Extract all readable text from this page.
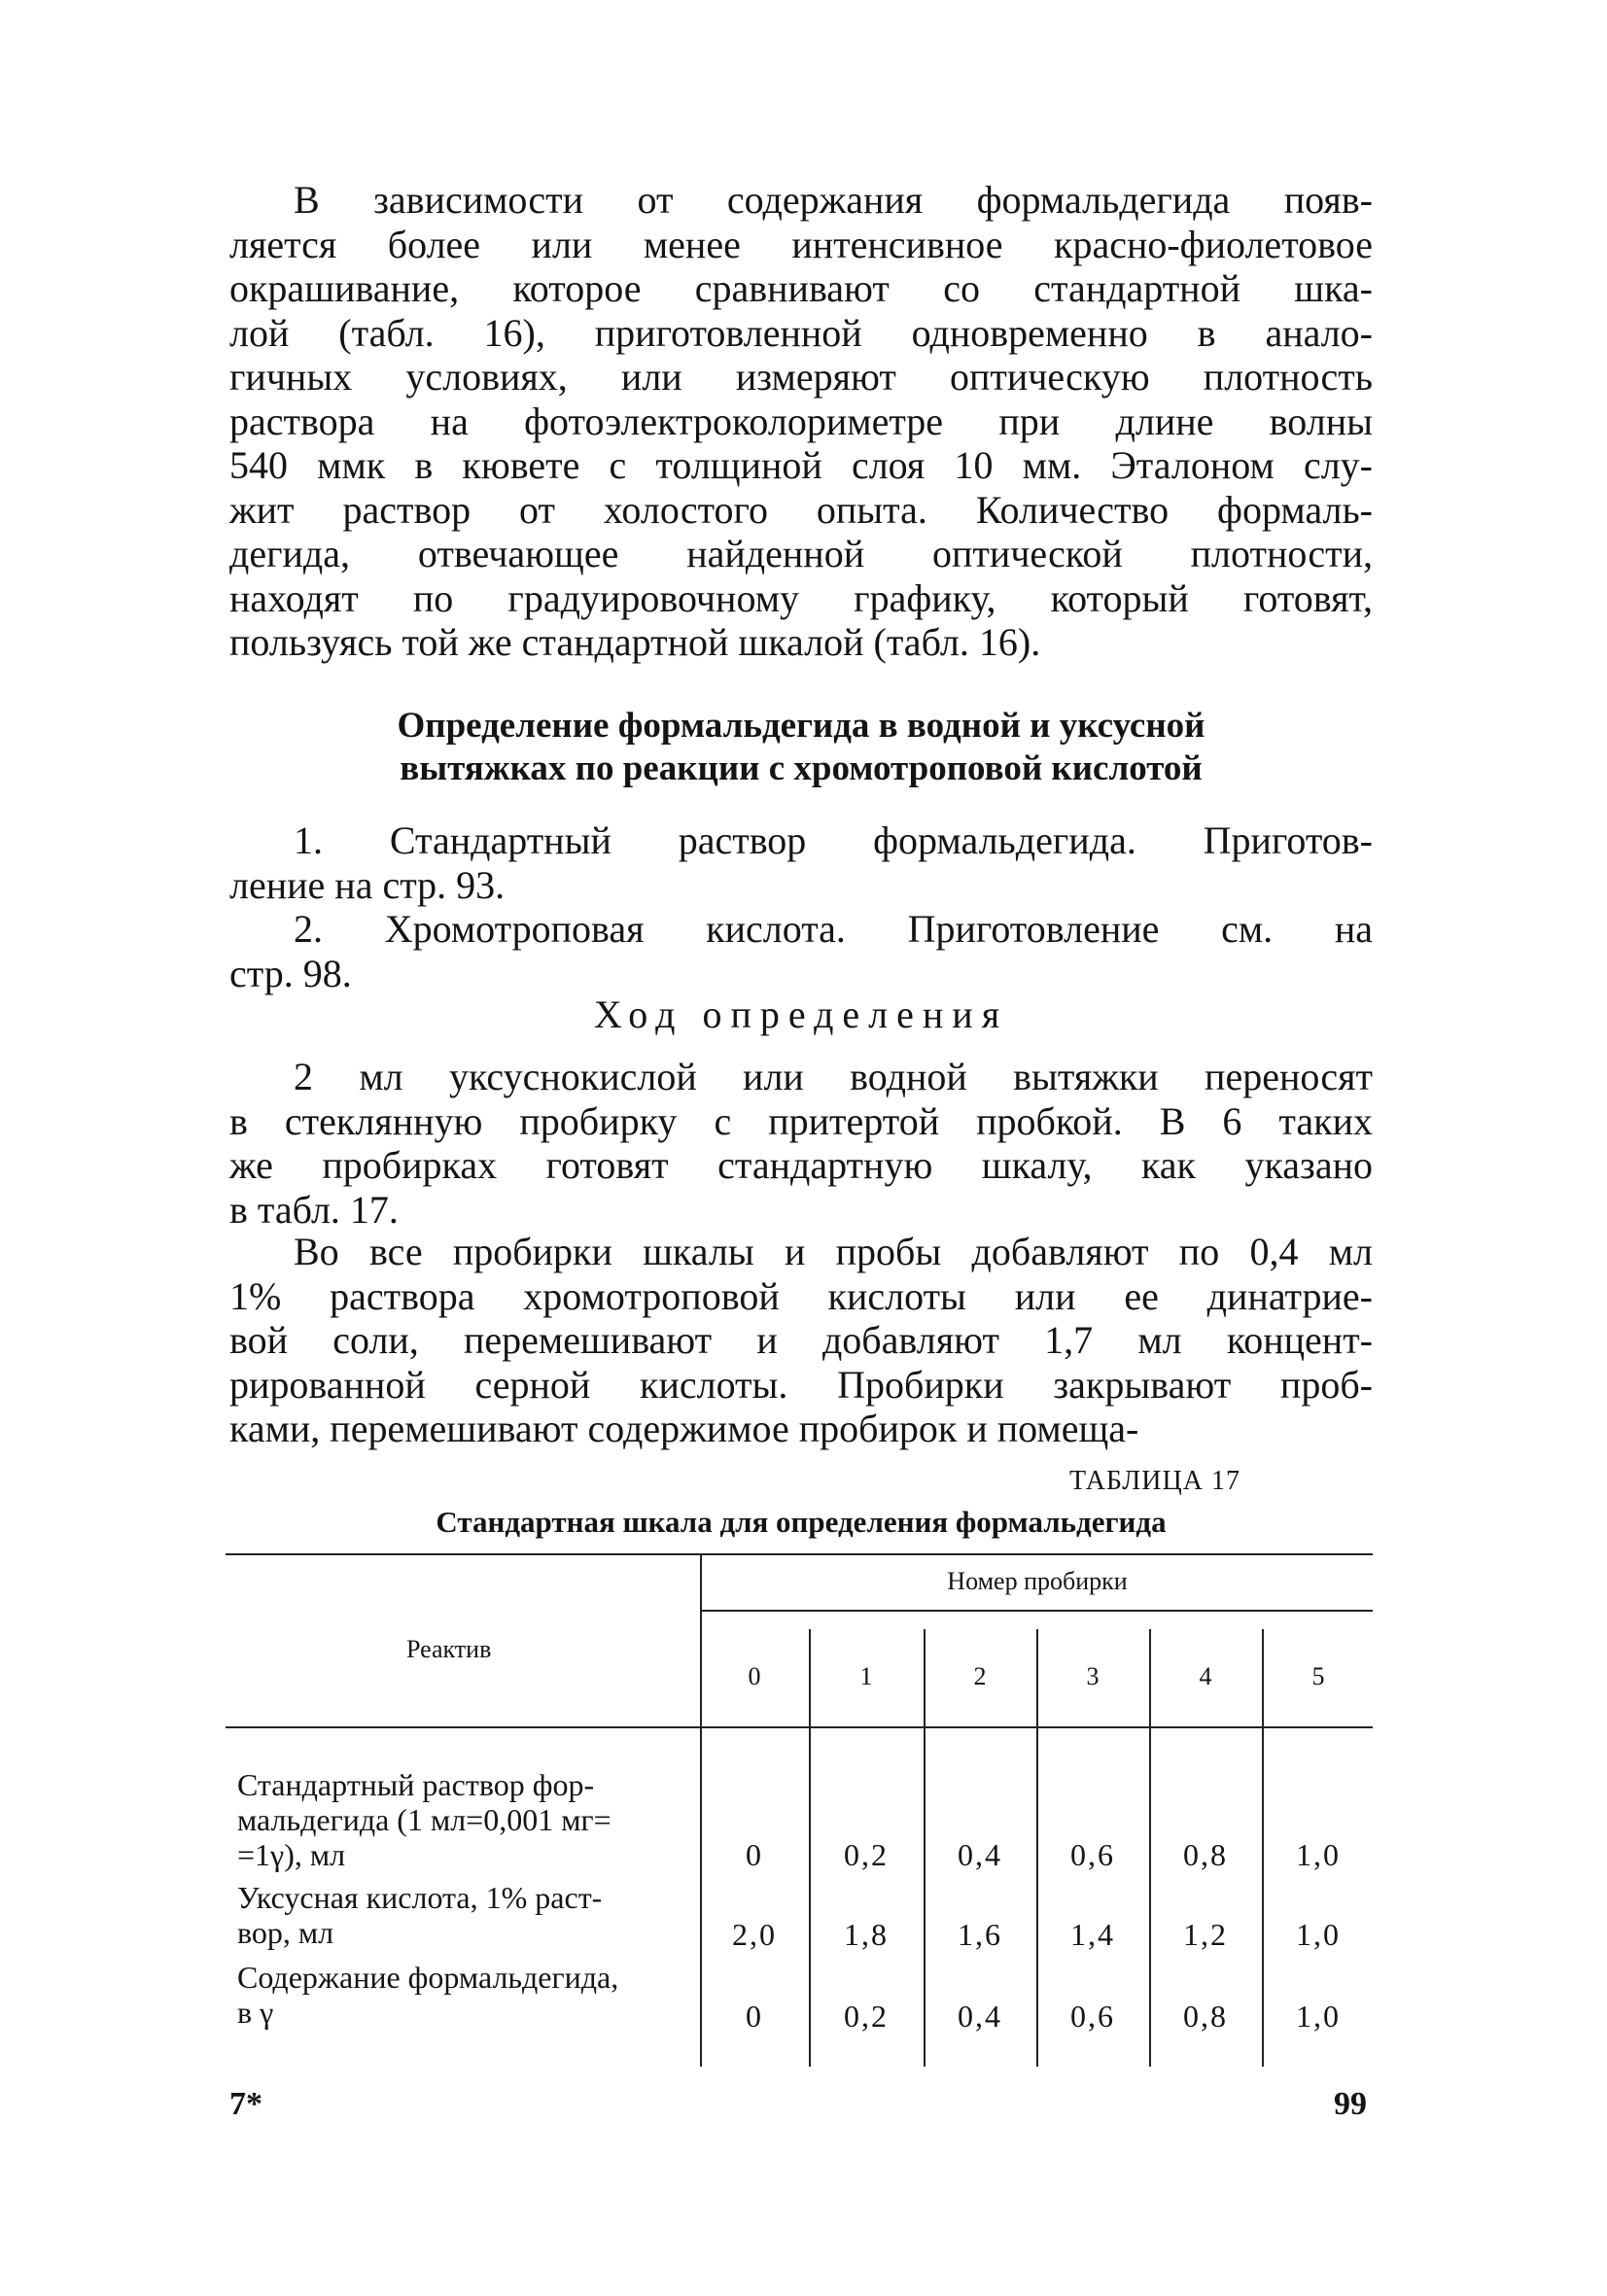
В зависимости от содержания формальдегида появ-
ляется более или менее интенсивное красно-фиолетовое
окрашивание, которое сравнивают со стандартной шка-
лой (табл. 16), приготовленной одновременно в анало-
гичных условиях, или измеряют оптическую плотность
раствора на фотоэлектроколориметре при длине волны
540 ммк в кювете с толщиной слоя 10 мм. Эталоном слу-
жит раствор от холостого опыта. Количество формаль-
дегида, отвечающее найденной оптической плотности,
находят по градуировочному графику, который готовят,
пользуясь той же стандартной шкалой (табл. 16).

Определение формальдегида в водной и уксусной
вытяжках по реакции с хромотроповой кислотой

1. Стандартный раствор формальдегида. Приготов-
ление на стр. 93.

2. Хромотроповая кислота. Приготовление см. на
стр. 98.

Ход определения

2 мл уксуснокислой или водной вытяжки переносят
в стеклянную пробирку с притертой пробкой. В 6 таких
же пробирках готовят стандартную шкалу, как указано
в табл. 17.

Во все пробирки шкалы и пробы добавляют по 0,4 мл
1% раствора хромотроповой кислоты или ее динатрие-
вой соли, перемешивают и добавляют 1,7 мл концент-
рированной серной кислоты. Пробирки закрывают проб-
ками, перемешивают содержимое пробирок и помеща-

ТАБЛИЦА 17
Стандартная шкала для определения формальдегида
Реактив
Номер пробирки
0	1	2	3	4	5
Стандартный раствор фор-
мальдегида (1 мл=0,001 мг=
=1γ), мл	0	0,2	0,4	0,6	0,8	1,0
Уксусная кислота, 1% раст-
вор, мл	2,0	1,8	1,6	1,4	1,2	1,0
Содержание формальдегида,
в γ	0	0,2	0,4	0,6	0,8	1,0
7*	99
